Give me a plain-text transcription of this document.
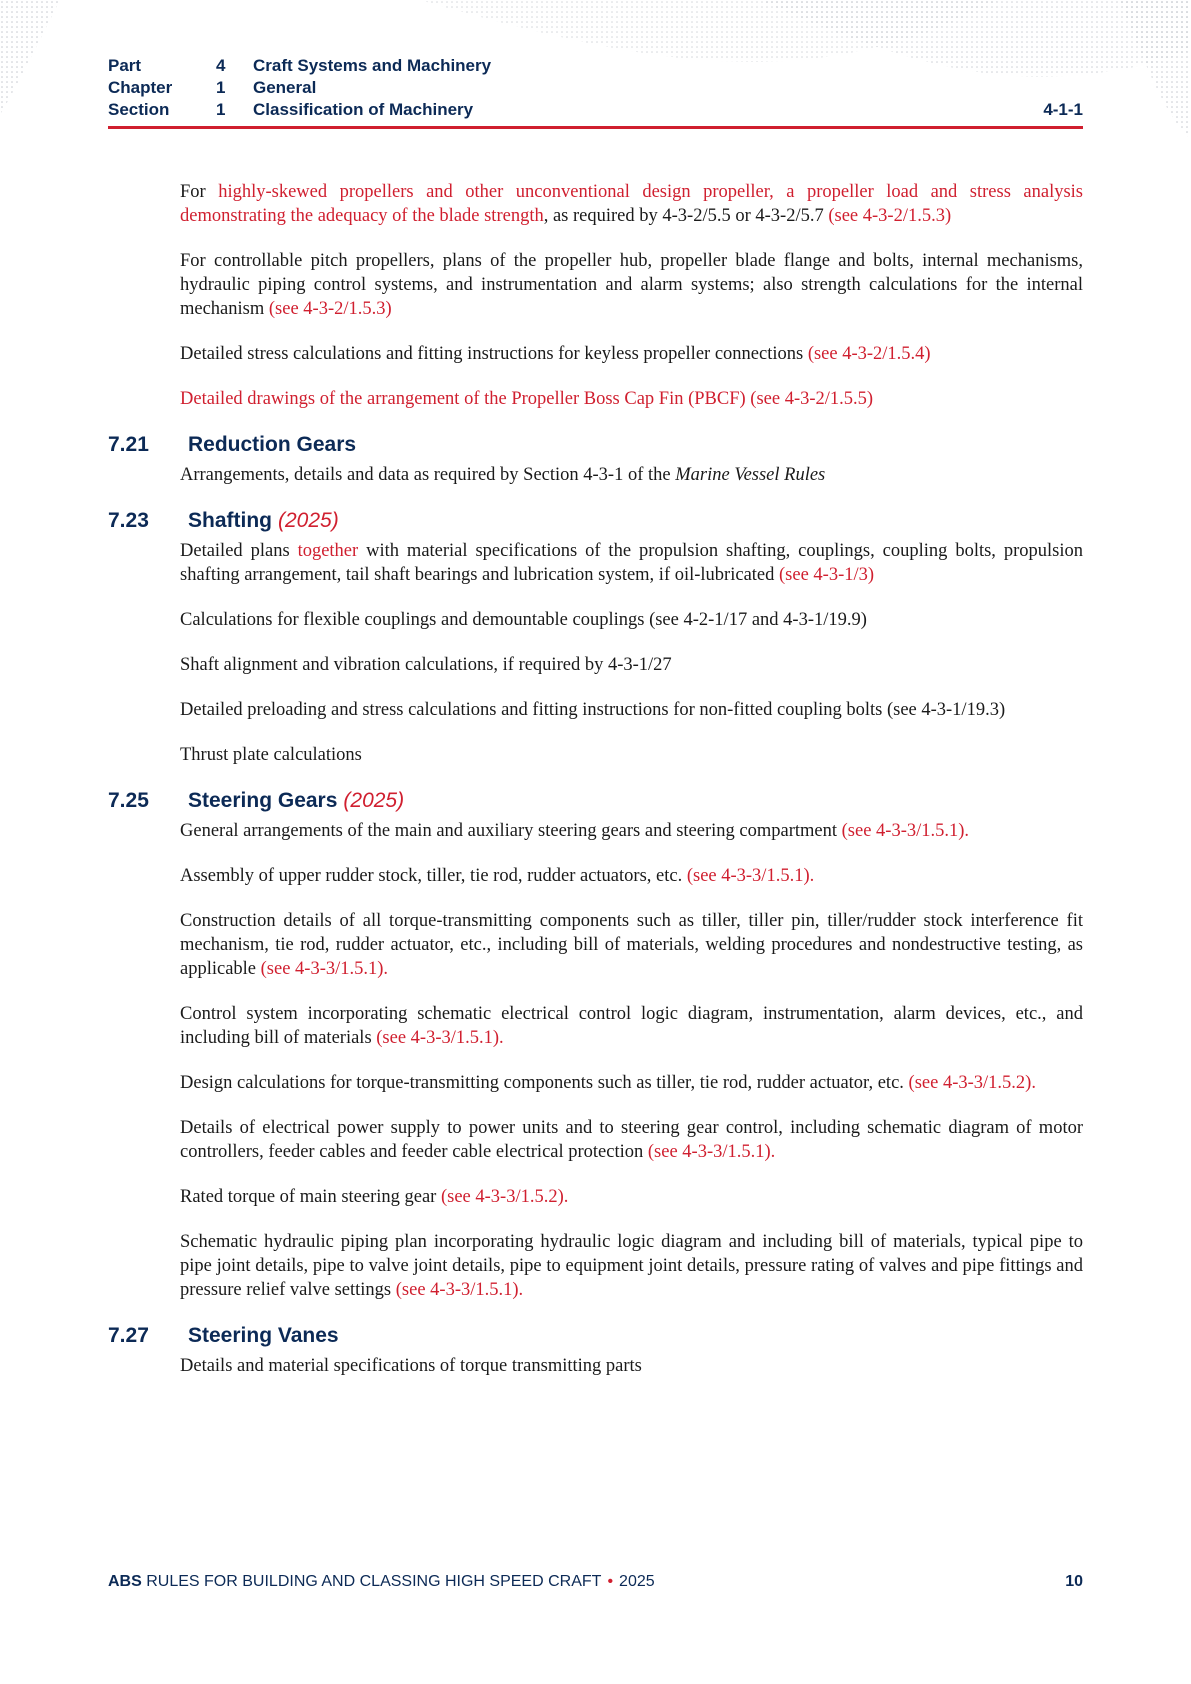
Part	4	Craft Systems and Machinery
Chapter	1	General
Section	1	Classification of Machinery	4-1-1
For highly-skewed propellers and other unconventional design propeller, a propeller load and stress analysis demonstrating the adequacy of the blade strength, as required by 4-3-2/5.5 or 4-3-2/5.7 (see 4-3-2/1.5.3)
For controllable pitch propellers, plans of the propeller hub, propeller blade flange and bolts, internal mechanisms, hydraulic piping control systems, and instrumentation and alarm systems; also strength calculations for the internal mechanism (see 4-3-2/1.5.3)
Detailed stress calculations and fitting instructions for keyless propeller connections (see 4-3-2/1.5.4)
Detailed drawings of the arrangement of the Propeller Boss Cap Fin (PBCF) (see 4-3-2/1.5.5)
7.21	Reduction Gears
Arrangements, details and data as required by Section 4-3-1 of the Marine Vessel Rules
7.23	Shafting (2025)
Detailed plans together with material specifications of the propulsion shafting, couplings, coupling bolts, propulsion shafting arrangement, tail shaft bearings and lubrication system, if oil-lubricated (see 4-3-1/3)
Calculations for flexible couplings and demountable couplings (see 4-2-1/17 and 4-3-1/19.9)
Shaft alignment and vibration calculations, if required by 4-3-1/27
Detailed preloading and stress calculations and fitting instructions for non-fitted coupling bolts (see 4-3-1/19.3)
Thrust plate calculations
7.25	Steering Gears (2025)
General arrangements of the main and auxiliary steering gears and steering compartment (see 4-3-3/1.5.1).
Assembly of upper rudder stock, tiller, tie rod, rudder actuators, etc. (see 4-3-3/1.5.1).
Construction details of all torque-transmitting components such as tiller, tiller pin, tiller/rudder stock interference fit mechanism, tie rod, rudder actuator, etc., including bill of materials, welding procedures and nondestructive testing, as applicable (see 4-3-3/1.5.1).
Control system incorporating schematic electrical control logic diagram, instrumentation, alarm devices, etc., and including bill of materials (see 4-3-3/1.5.1).
Design calculations for torque-transmitting components such as tiller, tie rod, rudder actuator, etc. (see 4-3-3/1.5.2).
Details of electrical power supply to power units and to steering gear control, including schematic diagram of motor controllers, feeder cables and feeder cable electrical protection (see 4-3-3/1.5.1).
Rated torque of main steering gear (see 4-3-3/1.5.2).
Schematic hydraulic piping plan incorporating hydraulic logic diagram and including bill of materials, typical pipe to pipe joint details, pipe to valve joint details, pipe to equipment joint details, pressure rating of valves and pipe fittings and pressure relief valve settings (see 4-3-3/1.5.1).
7.27	Steering Vanes
Details and material specifications of torque transmitting parts
ABS RULES FOR BUILDING AND CLASSING HIGH SPEED CRAFT • 2025	10
